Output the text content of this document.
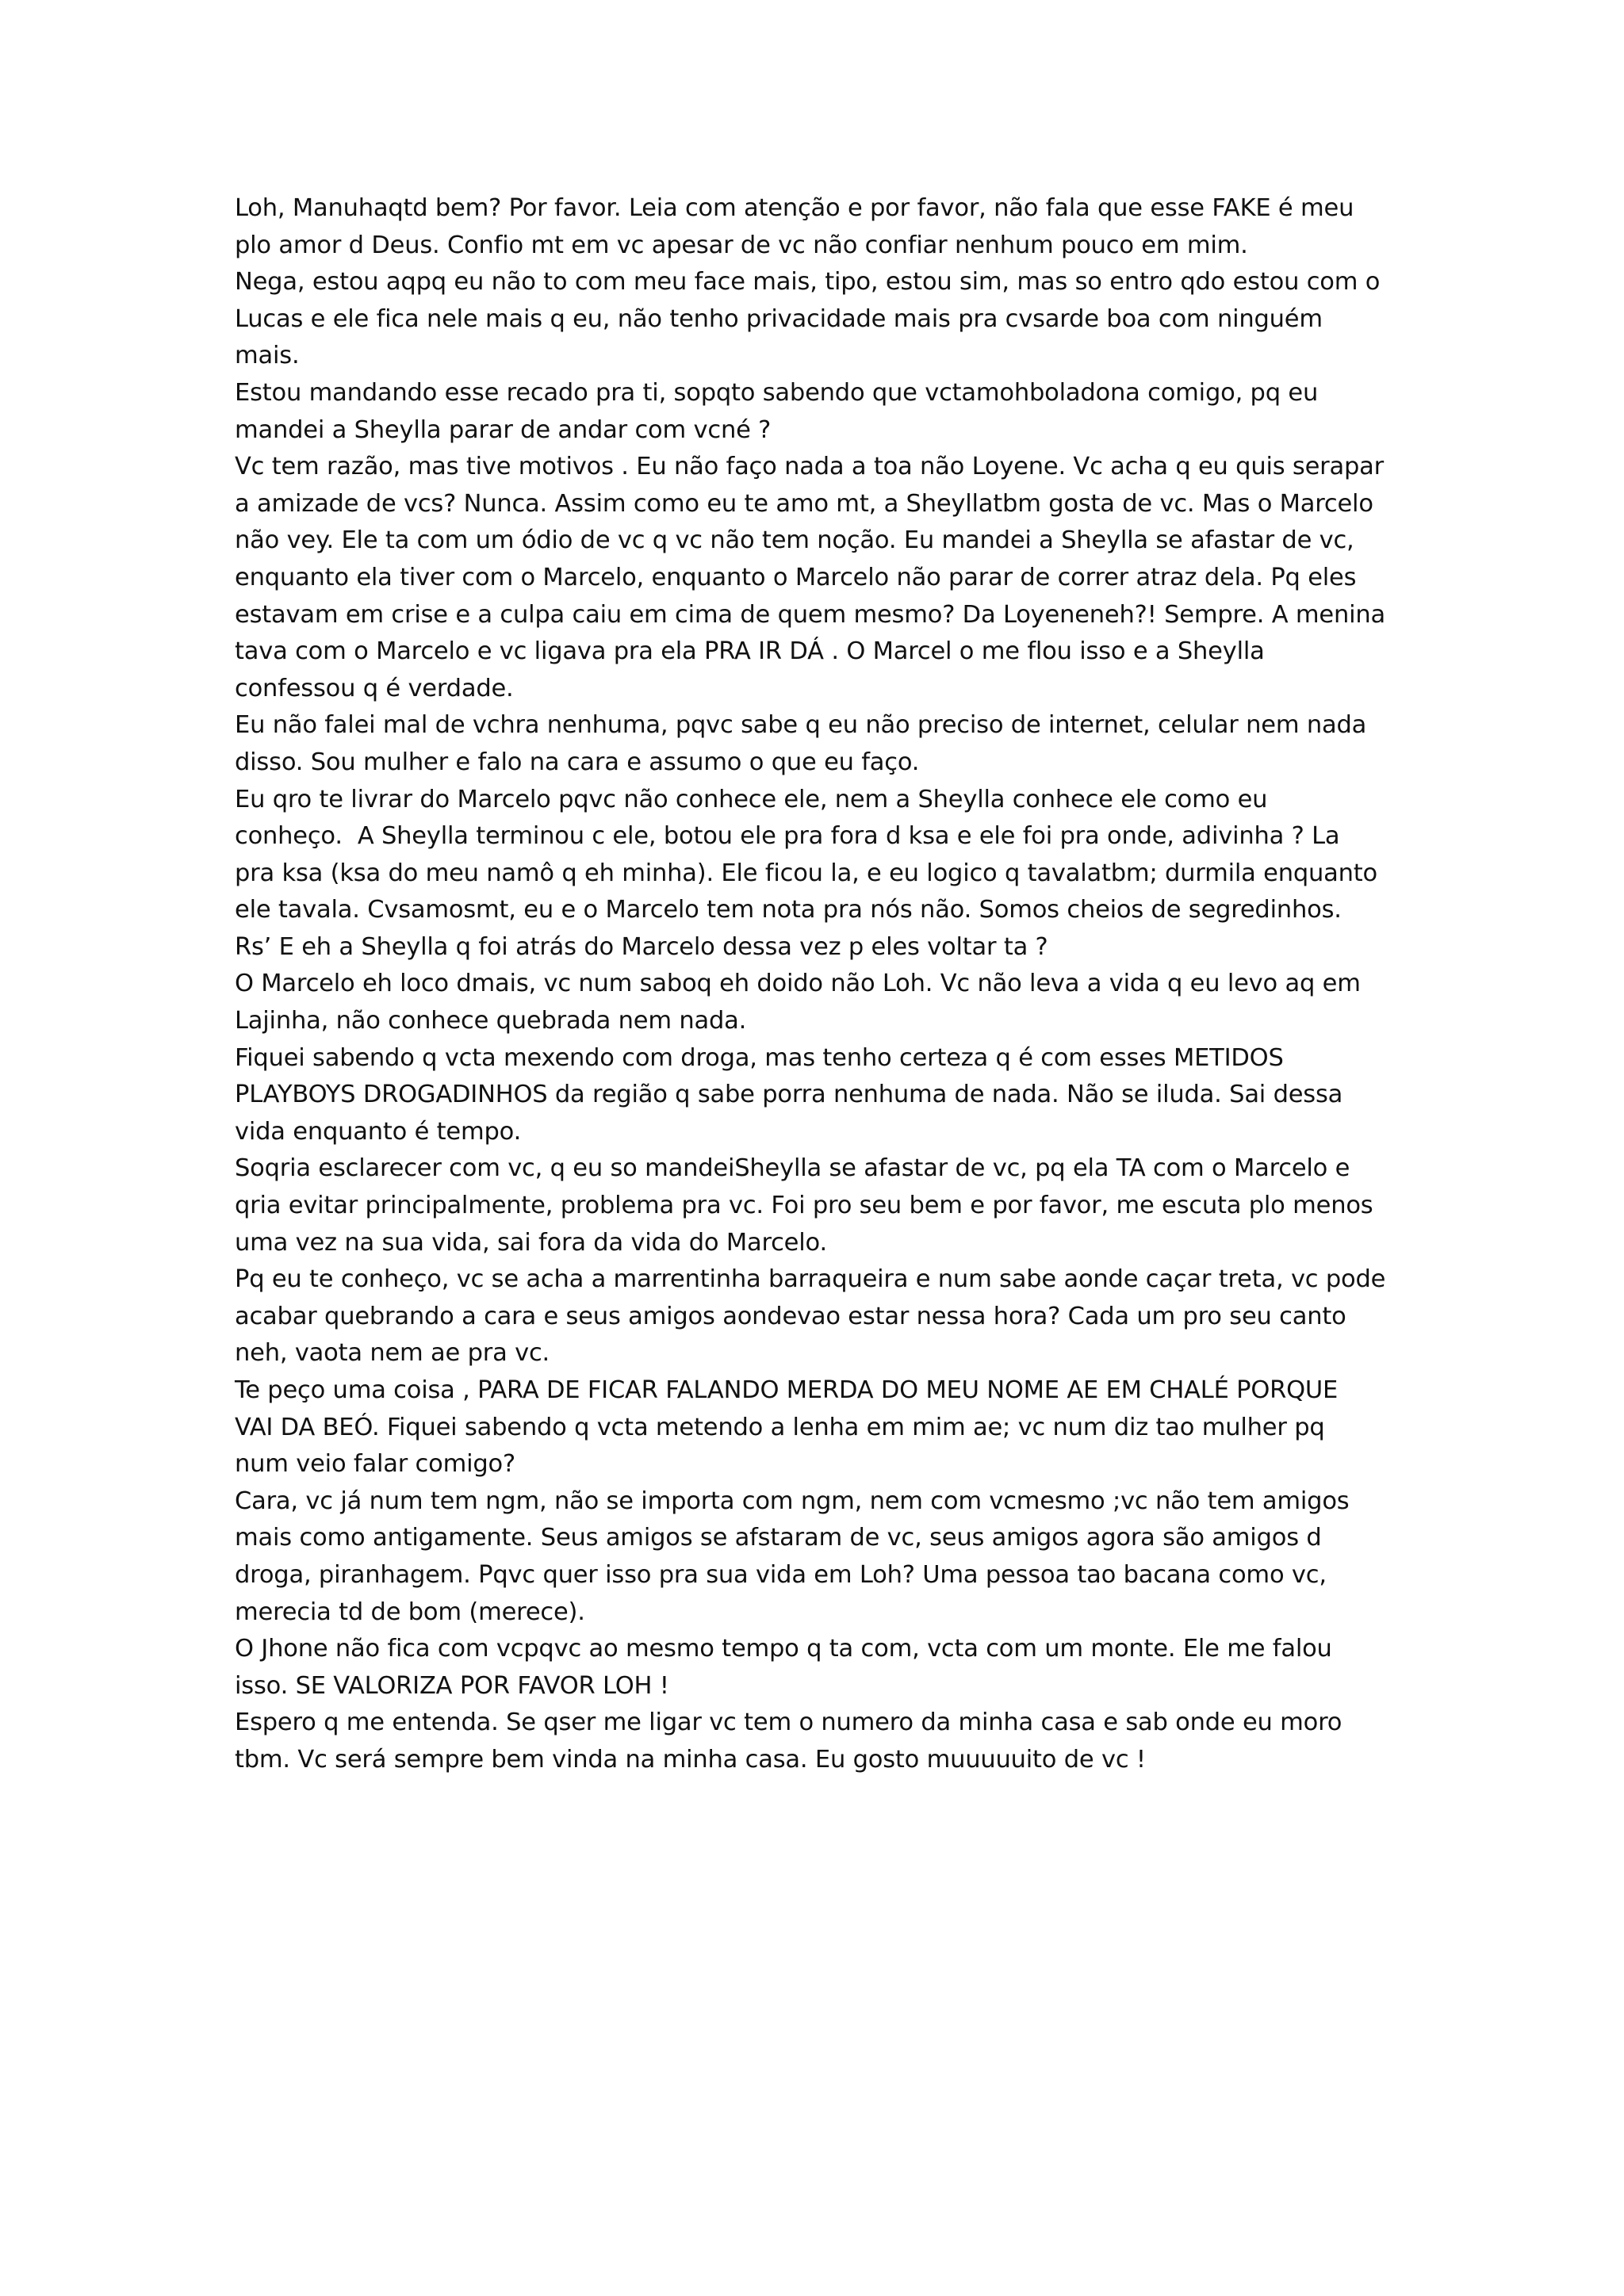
Loh, Manuhaqtd bem? Por favor. Leia com atenção e por favor, não fala que esse FAKE é meu
plo amor d Deus. Confio mt em vc apesar de vc não confiar nenhum pouco em mim.
Nega, estou aqpq eu não to com meu face mais, tipo, estou sim, mas so entro qdo estou com o
Lucas e ele fica nele mais q eu, não tenho privacidade mais pra cvsarde boa com ninguém
mais.
Estou mandando esse recado pra ti, sopqto sabendo que vctamohboladona comigo, pq eu
mandei a Sheylla parar de andar com vcné ?
Vc tem razão, mas tive motivos . Eu não faço nada a toa não Loyene. Vc acha q eu quis serapar
a amizade de vcs? Nunca. Assim como eu te amo mt, a Sheyllatbm gosta de vc. Mas o Marcelo
não vey. Ele ta com um ódio de vc q vc não tem noção. Eu mandei a Sheylla se afastar de vc,
enquanto ela tiver com o Marcelo, enquanto o Marcelo não parar de correr atraz dela. Pq eles
estavam em crise e a culpa caiu em cima de quem mesmo? Da Loyeneneh?! Sempre. A menina
tava com o Marcelo e vc ligava pra ela PRA IR DÁ . O Marcel o me flou isso e a Sheylla
confessou q é verdade.
Eu não falei mal de vchra nenhuma, pqvc sabe q eu não preciso de internet, celular nem nada
disso. Sou mulher e falo na cara e assumo o que eu faço.
Eu qro te livrar do Marcelo pqvc não conhece ele, nem a Sheylla conhece ele como eu
conheço.  A Sheylla terminou c ele, botou ele pra fora d ksa e ele foi pra onde, adivinha ? La
pra ksa (ksa do meu namô q eh minha). Ele ficou la, e eu logico q tavalatbm; durmila enquanto
ele tavala. Cvsamosmt, eu e o Marcelo tem nota pra nós não. Somos cheios de segredinhos.
Rs’ E eh a Sheylla q foi atrás do Marcelo dessa vez p eles voltar ta ?
O Marcelo eh loco dmais, vc num saboq eh doido não Loh. Vc não leva a vida q eu levo aq em
Lajinha, não conhece quebrada nem nada.
Fiquei sabendo q vcta mexendo com droga, mas tenho certeza q é com esses METIDOS
PLAYBOYS DROGADINHOS da região q sabe porra nenhuma de nada. Não se iluda. Sai dessa
vida enquanto é tempo.
Soqria esclarecer com vc, q eu so mandeiSheylla se afastar de vc, pq ela TA com o Marcelo e
qria evitar principalmente, problema pra vc. Foi pro seu bem e por favor, me escuta plo menos
uma vez na sua vida, sai fora da vida do Marcelo.
Pq eu te conheço, vc se acha a marrentinha barraqueira e num sabe aonde caçar treta, vc pode
acabar quebrando a cara e seus amigos aondevao estar nessa hora? Cada um pro seu canto
neh, vaota nem ae pra vc.
Te peço uma coisa , PARA DE FICAR FALANDO MERDA DO MEU NOME AE EM CHALÉ PORQUE
VAI DA BEÓ. Fiquei sabendo q vcta metendo a lenha em mim ae; vc num diz tao mulher pq
num veio falar comigo?
Cara, vc já num tem ngm, não se importa com ngm, nem com vcmesmo ;vc não tem amigos
mais como antigamente. Seus amigos se afstaram de vc, seus amigos agora são amigos d
droga, piranhagem. Pqvc quer isso pra sua vida em Loh? Uma pessoa tao bacana como vc,
merecia td de bom (merece).
O Jhone não fica com vcpqvc ao mesmo tempo q ta com, vcta com um monte. Ele me falou
isso. SE VALORIZA POR FAVOR LOH !
Espero q me entenda. Se qser me ligar vc tem o numero da minha casa e sab onde eu moro
tbm. Vc será sempre bem vinda na minha casa. Eu gosto muuuuuito de vc !
